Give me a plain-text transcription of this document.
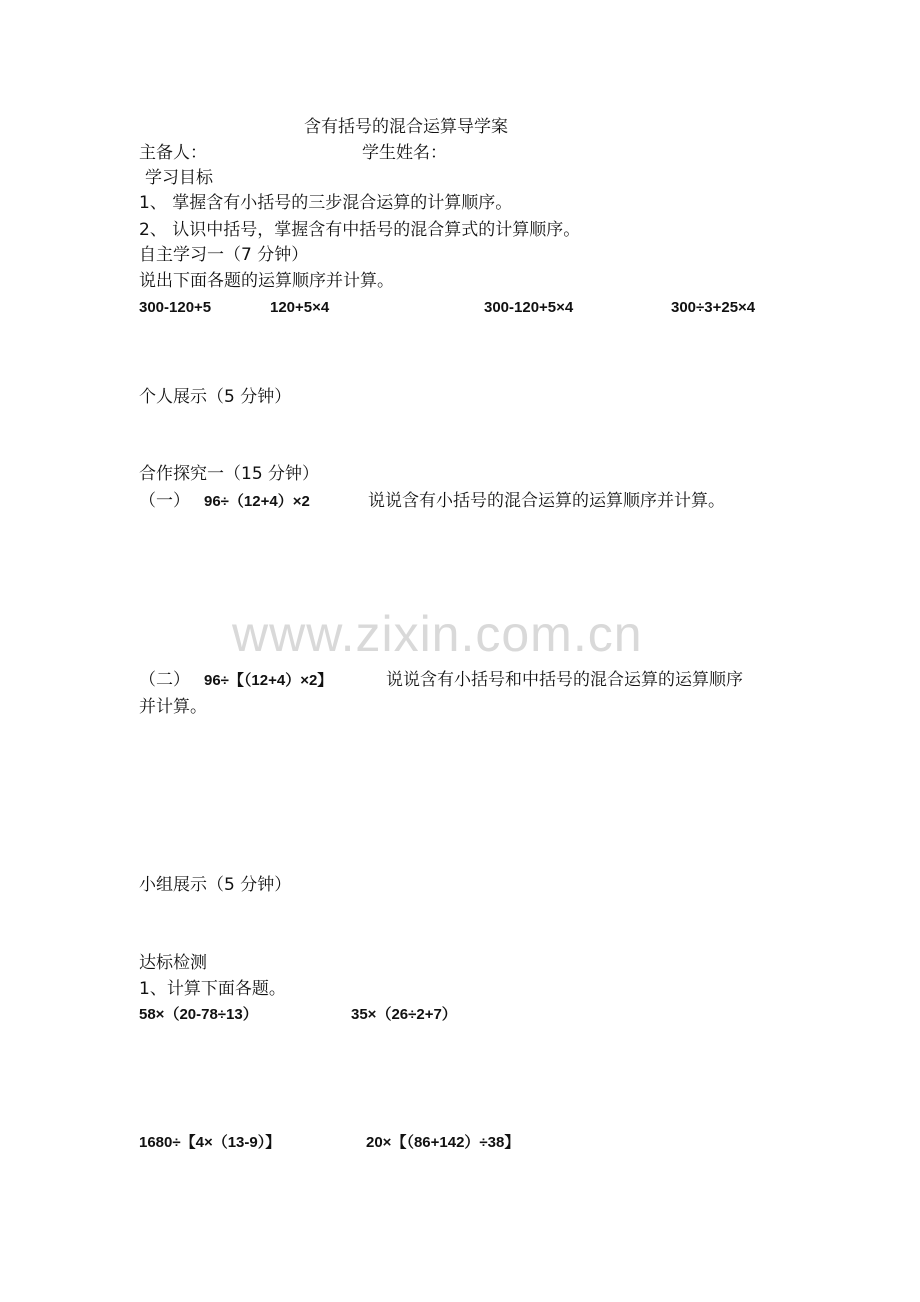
www.zixin.com.cn
含有括号的混合运算导学案
主备人：	学生姓名：
学习目标
1、 掌握含有小括号的三步混合运算的计算顺序。
2、 认识中括号，掌握含有中括号的混合算式的计算顺序。
自主学习一（7 分钟）
说出下面各题的运算顺序并计算。
300-120+5	120+5×4	300-120+5×4	300÷3+25×4
个人展示（5 分钟）
合作探究一（15 分钟）
（一） 96÷（12+4）×2	说说含有小括号的混合运算的运算顺序并计算。
（二） 96÷【（12+4）×2】	说说含有小括号和中括号的混合运算的运算顺序
并计算。
小组展示（5 分钟）
达标检测
1、计算下面各题。
58×（20-78÷13）	35×（26÷2+7）
1680÷【4×（13-9）】	20×【（86+142）÷38】
